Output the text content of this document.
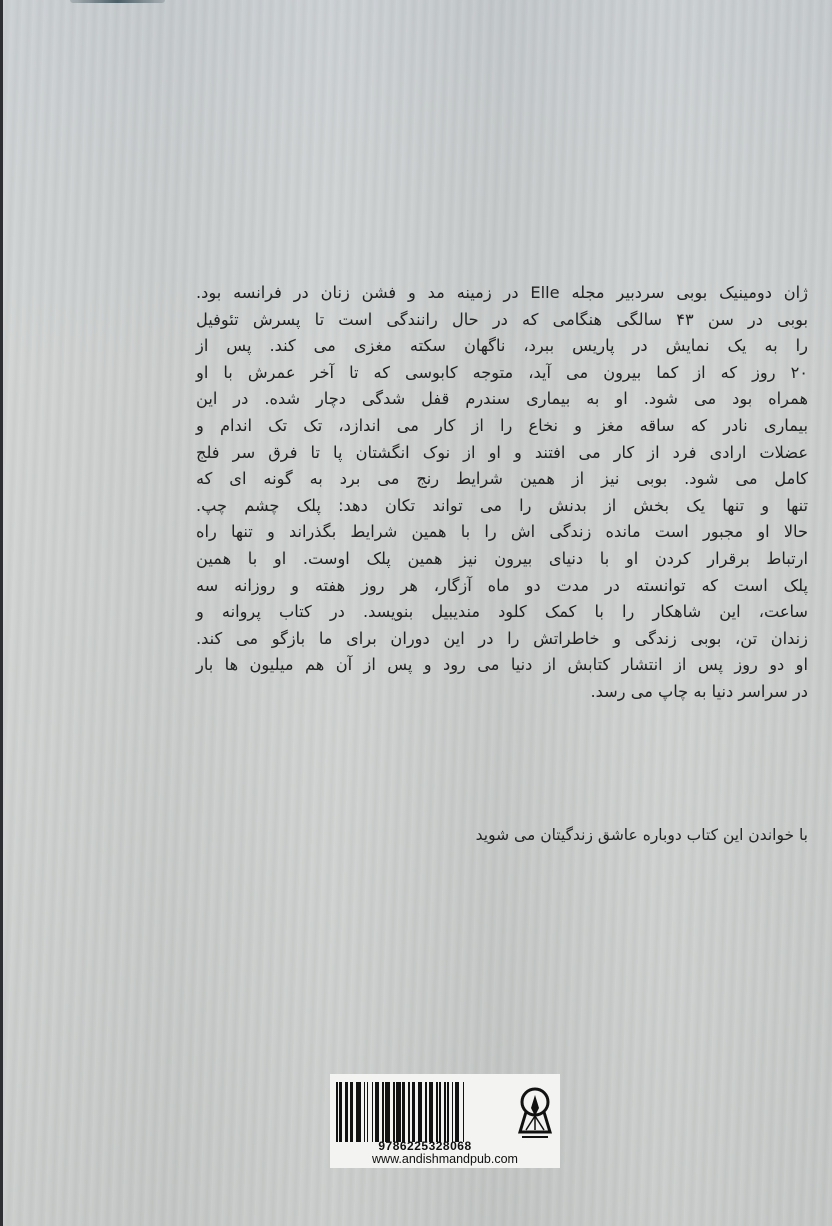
ژان دومینیک بوبی سردبیر مجله Elle در زمینه مد و فشن زنان در فرانسه بود.
بوبی در سن ۴۳ سالگی هنگامی که در حال رانندگی است تا پسرش تئوفیل
را به یک نمایش در پاریس ببرد، ناگهان سکته مغزی می کند. پس از
۲۰ روز که از کما بیرون می آید، متوجه کابوسی که تا آخر عمرش با او
همراه بود می شود. او به بیماری سندرم قفل شدگی دچار شده. در این
بیماری نادر که ساقه مغز و نخاع را از کار می اندازد، تک تک اندام و
عضلات ارادی فرد از کار می افتند و او از نوک انگشتان پا تا فرق سر فلج
کامل می شود. بوبی نیز از همین شرایط رنج می برد به گونه ای که
تنها و تنها یک بخش از بدنش را می تواند تکان دهد: پلک چشم چپ.
حالا او مجبور است مانده زندگی اش را با همین شرایط بگذراند و تنها راه
ارتباط برقرار کردن او با دنیای بیرون نیز همین پلک اوست. او با همین
پلک است که توانسته در مدت دو ماه آزگار، هر روز هفته و روزانه سه
ساعت، این شاهکار را با کمک کلود مندیبیل بنویسد. در کتاب پروانه و
زندان تن، بوبی زندگی و خاطراتش را در این دوران برای ما بازگو می کند.
او دو روز پس از انتشار کتابش از دنیا می رود و پس از آن هم میلیون ها بار
در سراسر دنیا به چاپ می رسد.
با خواندن این کتاب دوباره عاشق زندگیتان می شوید
9786225328068
www.andishmandpub.com
